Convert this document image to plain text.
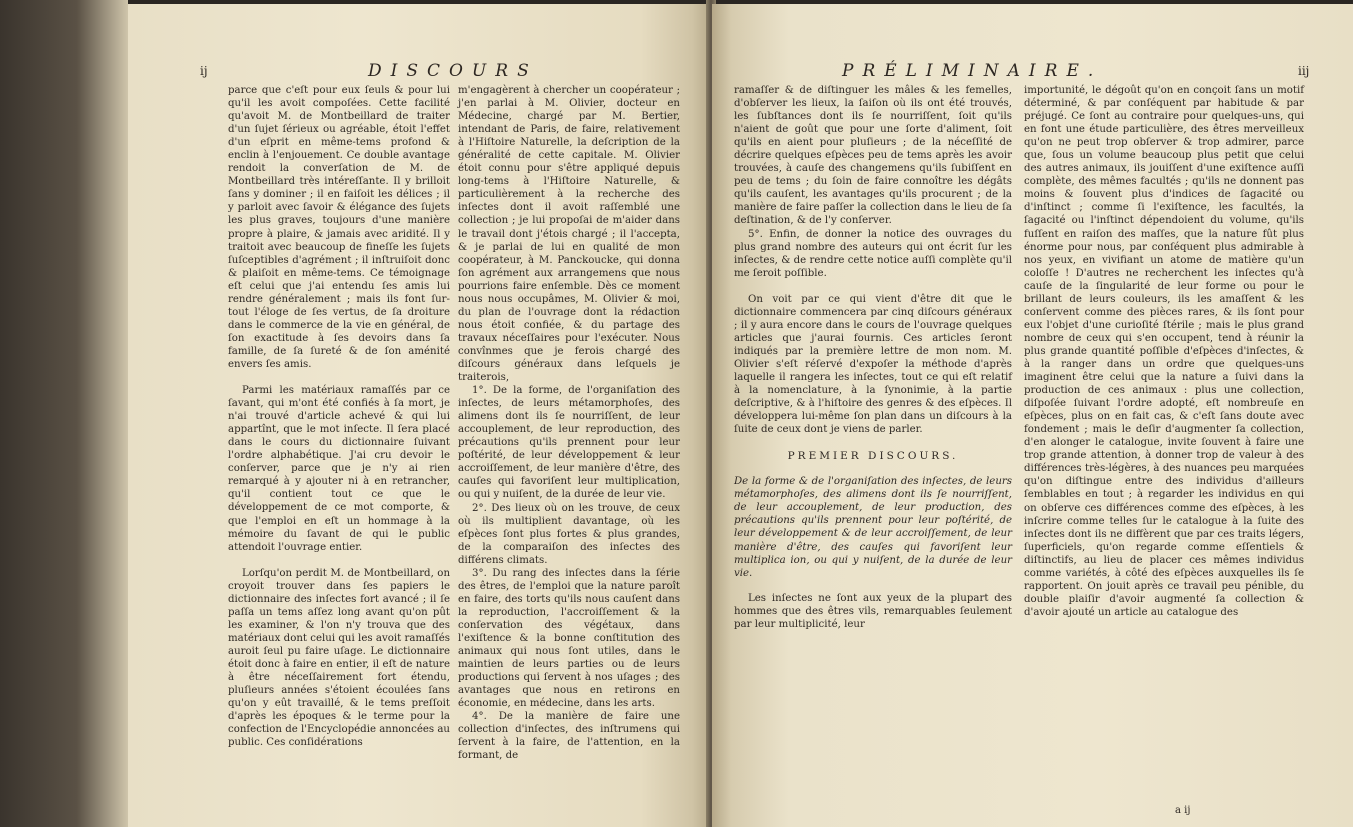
ij	DISCOURS

parce que c'eſt pour eux ſeuls & pour lui qu'il les avoit compoſées. Cette facilité qu'avoit M. de Montbeillard de traiter d'un ſujet ſérieux ou agréable, étoit l'effet d'un eſprit en même-tems profond & enclin à l'enjouement. Ce double avantage rendoit la converſation de M. de Montbeillard très intéreſſante. Il y brilloit ſans y dominer ; il en faiſoit les délices ; il y parloit avec ſavoir & élégance des ſujets les plus graves, toujours d'une manière propre à plaire, & jamais avec aridité. Il y traitoit avec beaucoup de fineſſe les ſujets ſuſceptibles d'agrément ; il inſtruiſoit donc & plaiſoit en même-tems. Ce témoignage eſt celui que j'ai entendu ſes amis lui rendre généralement ; mais ils font ſur-tout l'éloge de ſes vertus, de ſa droiture dans le commerce de la vie en général, de ſon exactitude à ſes devoirs dans ſa famille, de ſa ſureté & de ſon aménité envers ſes amis.

Parmi les matériaux ramaſſés par ce ſavant, qui m'ont été confiés à ſa mort, je n'ai trouvé d'article achevé & qui lui appartînt, que le mot inſecte. Il ſera placé dans le cours du dictionnaire ſuivant l'ordre alphabétique. J'ai cru devoir le conſerver, parce que je n'y ai rien remarqué à y ajouter ni à en retrancher, qu'il contient tout ce que le développement de ce mot comporte, & que l'emploi en eſt un hommage à la mémoire du ſavant de qui le public attendoit l'ouvrage entier.

Lorſqu'on perdit M. de Montbeillard, on croyoit trouver dans ſes papiers le dictionnaire des inſectes fort avancé ; il ſe paſſa un tems aſſez long avant qu'on pût les examiner, & l'on n'y trouva que des matériaux dont celui qui les avoit ramaſſés auroit ſeul pu faire uſage. Le dictionnaire étoit donc à faire en entier, il eſt de nature à être néceſſairement fort étendu, pluſieurs années s'étoient écoulées ſans qu'on y eût travaillé, & le tems preſſoit d'après les époques & le terme pour la confection de l'Encyclopédie annoncées au public. Ces conſidérations

m'engagèrent à chercher un coopérateur ; j'en parlai à M. Olivier, docteur en Médecine, chargé par M. Bertier, intendant de Paris, de faire, relativement à l'Hiſtoire Naturelle, la deſcription de la généralité de cette capitale. M. Olivier étoit connu pour s'être appliqué depuis long-tems à l'Hiſtoire Naturelle, & particulièrement à la recherche des inſectes dont il avoit raſſemblé une collection ; je lui propoſai de m'aider dans le travail dont j'étois chargé ; il l'accepta, & je parlai de lui en qualité de mon coopérateur, à M. Panckoucke, qui donna ſon agrément aux arrangemens que nous pourrions faire enſemble. Dès ce moment nous nous occupâmes, M. Olivier & moi, du plan de l'ouvrage dont la rédaction nous étoit confiée, & du partage des travaux néceſſaires pour l'exécuter. Nous convînmes que je ferois chargé des diſcours généraux dans leſquels je traiterois,

1°. De la forme, de l'organiſation des inſectes, de leurs métamorphoſes, des alimens dont ils ſe nourriſſent, de leur accouplement, de leur reproduction, des précautions qu'ils prennent pour leur poſtérité, de leur développement & leur accroiſſement, de leur manière d'être, des cauſes qui favoriſent leur multiplication, ou qui y nuiſent, de la durée de leur vie.

2°. Des lieux où on les trouve, de ceux où ils multiplient davantage, où les eſpèces ſont plus fortes & plus grandes, de la comparaiſon des inſectes des différens climats.

3°. Du rang des inſectes dans la ſérie des êtres, de l'emploi que la nature paroît en faire, des torts qu'ils nous cauſent dans la reproduction, l'accroiſſement & la conſervation des végétaux, dans l'exiſtence & la bonne conſtitution des animaux qui nous ſont utiles, dans le maintien de leurs parties ou de leurs productions qui ſervent à nos uſages ; des avantages que nous en retirons en économie, en médecine, dans les arts.

4°. De la manière de faire une collection d'inſectes, des inſtrumens qui ſervent à la faire, de l'attention, en la formant, de

PRÉLIMINAIRE.	iij

ramaſſer & de diſtinguer les mâles & les femelles, d'obſerver les lieux, la ſaiſon où ils ont été trouvés, les ſubſtances dont ils ſe nourriſſent, ſoit qu'ils n'aient de goût que pour une ſorte d'aliment, ſoit qu'ils en aient pour pluſieurs ; de la néceſſité de décrire quelques eſpèces peu de tems après les avoir trouvées, à cauſe des changemens qu'ils ſubiſſent en peu de tems ; du ſoin de faire connoître les dégâts qu'ils cauſent, les avantages qu'ils procurent ; de la manière de faire paſſer la collection dans le lieu de ſa deſtination, & de l'y conſerver.

5°. Enfin, de donner la notice des ouvrages du plus grand nombre des auteurs qui ont écrit ſur les inſectes, & de rendre cette notice auſſi complète qu'il me ſeroit poſſible.

On voit par ce qui vient d'être dit que le dictionnaire commencera par cinq diſcours généraux ; il y aura encore dans le cours de l'ouvrage quelques articles que j'aurai fournis. Ces articles ſeront indiqués par la première lettre de mon nom. M. Olivier s'eſt réſervé d'expoſer la méthode d'après laquelle il rangera les inſectes, tout ce qui eſt relatif à la nomenclature, à la ſynonimie, à la partie deſcriptive, & à l'hiſtoire des genres & des eſpèces. Il développera lui-même ſon plan dans un diſcours à la ſuite de ceux dont je viens de parler.

PREMIER DISCOURS.

De la forme & de l'organiſation des inſectes, de leurs métamorphoſes, des alimens dont ils ſe nourriſſent, de leur accouplement, de leur production, des précautions qu'ils prennent pour leur poſtérité, de leur développement & de leur accroiſſement, de leur manière d'être, des cauſes qui favoriſent leur multiplica ion, ou qui y nuiſent, de la durée de leur vie.

Les inſectes ne ſont aux yeux de la plupart des hommes que des êtres vils, remarquables ſeulement par leur multiplicité, leur

importunité, le dégoût qu'on en conçoit ſans un motif déterminé, & par conſéquent par habitude & par préjugé. Ce ſont au contraire pour quelques-uns, qui en font une étude particulière, des êtres merveilleux qu'on ne peut trop obſerver & trop admirer, parce que, ſous un volume beaucoup plus petit que celui des autres animaux, ils jouiſſent d'une exiſtence auſſi complète, des mêmes facultés ; qu'ils ne donnent pas moins & ſouvent plus d'indices de ſagacité ou d'inſtinct ; comme ſi l'exiſtence, les facultés, la ſagacité ou l'inſtinct dépendoient du volume, qu'ils fuſſent en raiſon des maſſes, que la nature fût plus énorme pour nous, par conſéquent plus admirable à nos yeux, en vivifiant un atome de matière qu'un coloſſe ! D'autres ne recherchent les inſectes qu'à cauſe de la ſingularité de leur forme ou pour le brillant de leurs couleurs, ils les amaſſent & les conſervent comme des pièces rares, & ils ſont pour eux l'objet d'une curioſité ſtérile ; mais le plus grand nombre de ceux qui s'en occupent, tend à réunir la plus grande quantité poſſible d'eſpèces d'inſectes, & à la ranger dans un ordre que quelques-uns imaginent être celui que la nature a ſuivi dans la production de ces animaux : plus une collection, diſpoſée ſuivant l'ordre adopté, eſt nombreuſe en eſpèces, plus on en fait cas, & c'eſt ſans doute avec fondement ; mais le deſir d'augmenter ſa collection, d'en alonger le catalogue, invite ſouvent à faire une trop grande attention, à donner trop de valeur à des différences très-légères, à des nuances peu marquées qu'on diſtingue entre des individus d'ailleurs ſemblables en tout ; à regarder les individus en qui on obſerve ces différences comme des eſpèces, à les inſcrire comme telles ſur le catalogue à la ſuite des inſectes dont ils ne diffèrent que par ces traits légers, ſuperficiels, qu'on regarde comme eſſentiels & diſtinctifs, au lieu de placer ces mêmes individus comme variétés, à côté des eſpèces auxquelles ils ſe rapportent. On jouit après ce travail peu pénible, du double plaiſir d'avoir augmenté ſa collection & d'avoir ajouté un article au catalogue des

a ij
